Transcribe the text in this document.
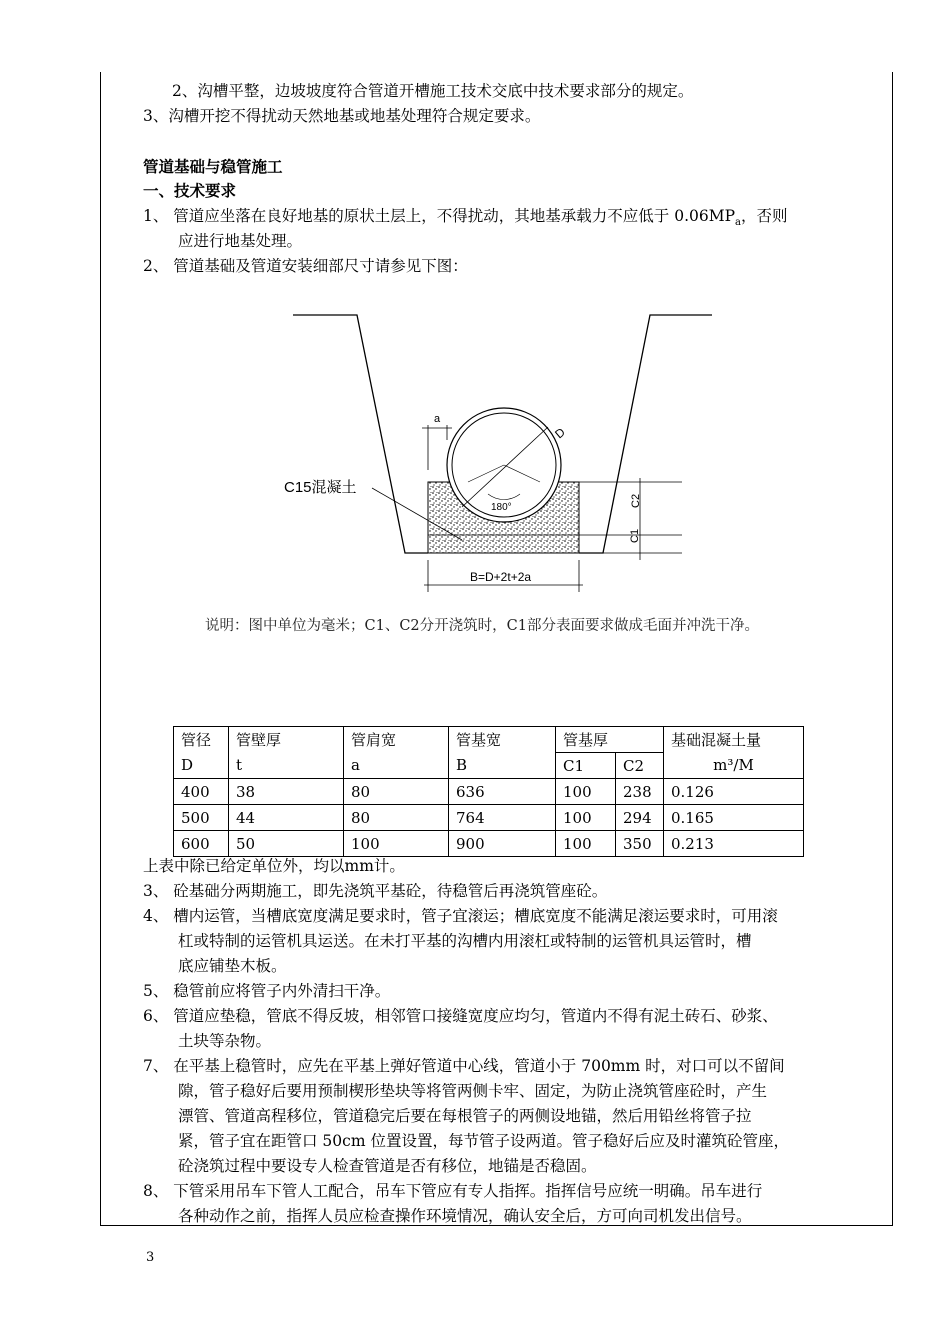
2、沟槽平整，边坡坡度符合管道开槽施工技术交底中技术要求部分的规定。
3、沟槽开挖不得扰动天然地基或地基处理符合规定要求。
管道基础与稳管施工
一、技术要求
1、 管道应坐落在良好地基的原状土层上，不得扰动，其地基承载力不应低于 $0.06MP_a$，否则
应进行地基处理。
2、 管道基础及管道安装细部尺寸请参见下图：
C15混凝土
a
D
180°	C2
C1
B=D+2t+2a
说明：图中单位为毫米；C1、C2分开浇筑时，C1部分表面要求做成毛面并冲洗干净。
管径	管壁厚	管肩宽	管基宽	管基厚		基础混凝土量
D	t	a	B	C1	C2	m³/M
400	38	80	636	100	238	0.126
500	44	80	764	100	294	0.165
600	50	100	900	100	350	0.213
上表中除已给定单位外，均以mm计。
3、 砼基础分两期施工，即先浇筑平基砼，待稳管后再浇筑管座砼。
4、 槽内运管，当槽底宽度满足要求时，管子宜滚运；槽底宽度不能满足滚运要求时，可用滚
杠或特制的运管机具运送。在未打平基的沟槽内用滚杠或特制的运管机具运管时，槽
底应铺垫木板。
5、 稳管前应将管子内外清扫干净。
6、 管道应垫稳，管底不得反坡，相邻管口接缝宽度应均匀，管道内不得有泥土砖石、砂浆、
土块等杂物。
7、 在平基上稳管时，应先在平基上弹好管道中心线，管道小于 700mm 时，对口可以不留间
隙，管子稳好后要用预制楔形垫块等将管两侧卡牢、固定，为防止浇筑管座砼时，产生
漂管、管道高程移位，管道稳完后要在每根管子的两侧设地锚，然后用铅丝将管子拉
紧，管子宜在距管口 50cm 位置设置，每节管子设两道。管子稳好后应及时灌筑砼管座，
砼浇筑过程中要设专人检查管道是否有移位，地锚是否稳固。
8、 下管采用吊车下管人工配合，吊车下管应有专人指挥。指挥信号应统一明确。吊车进行
各种动作之前，指挥人员应检查操作环境情况，确认安全后，方可向司机发出信号。
3
